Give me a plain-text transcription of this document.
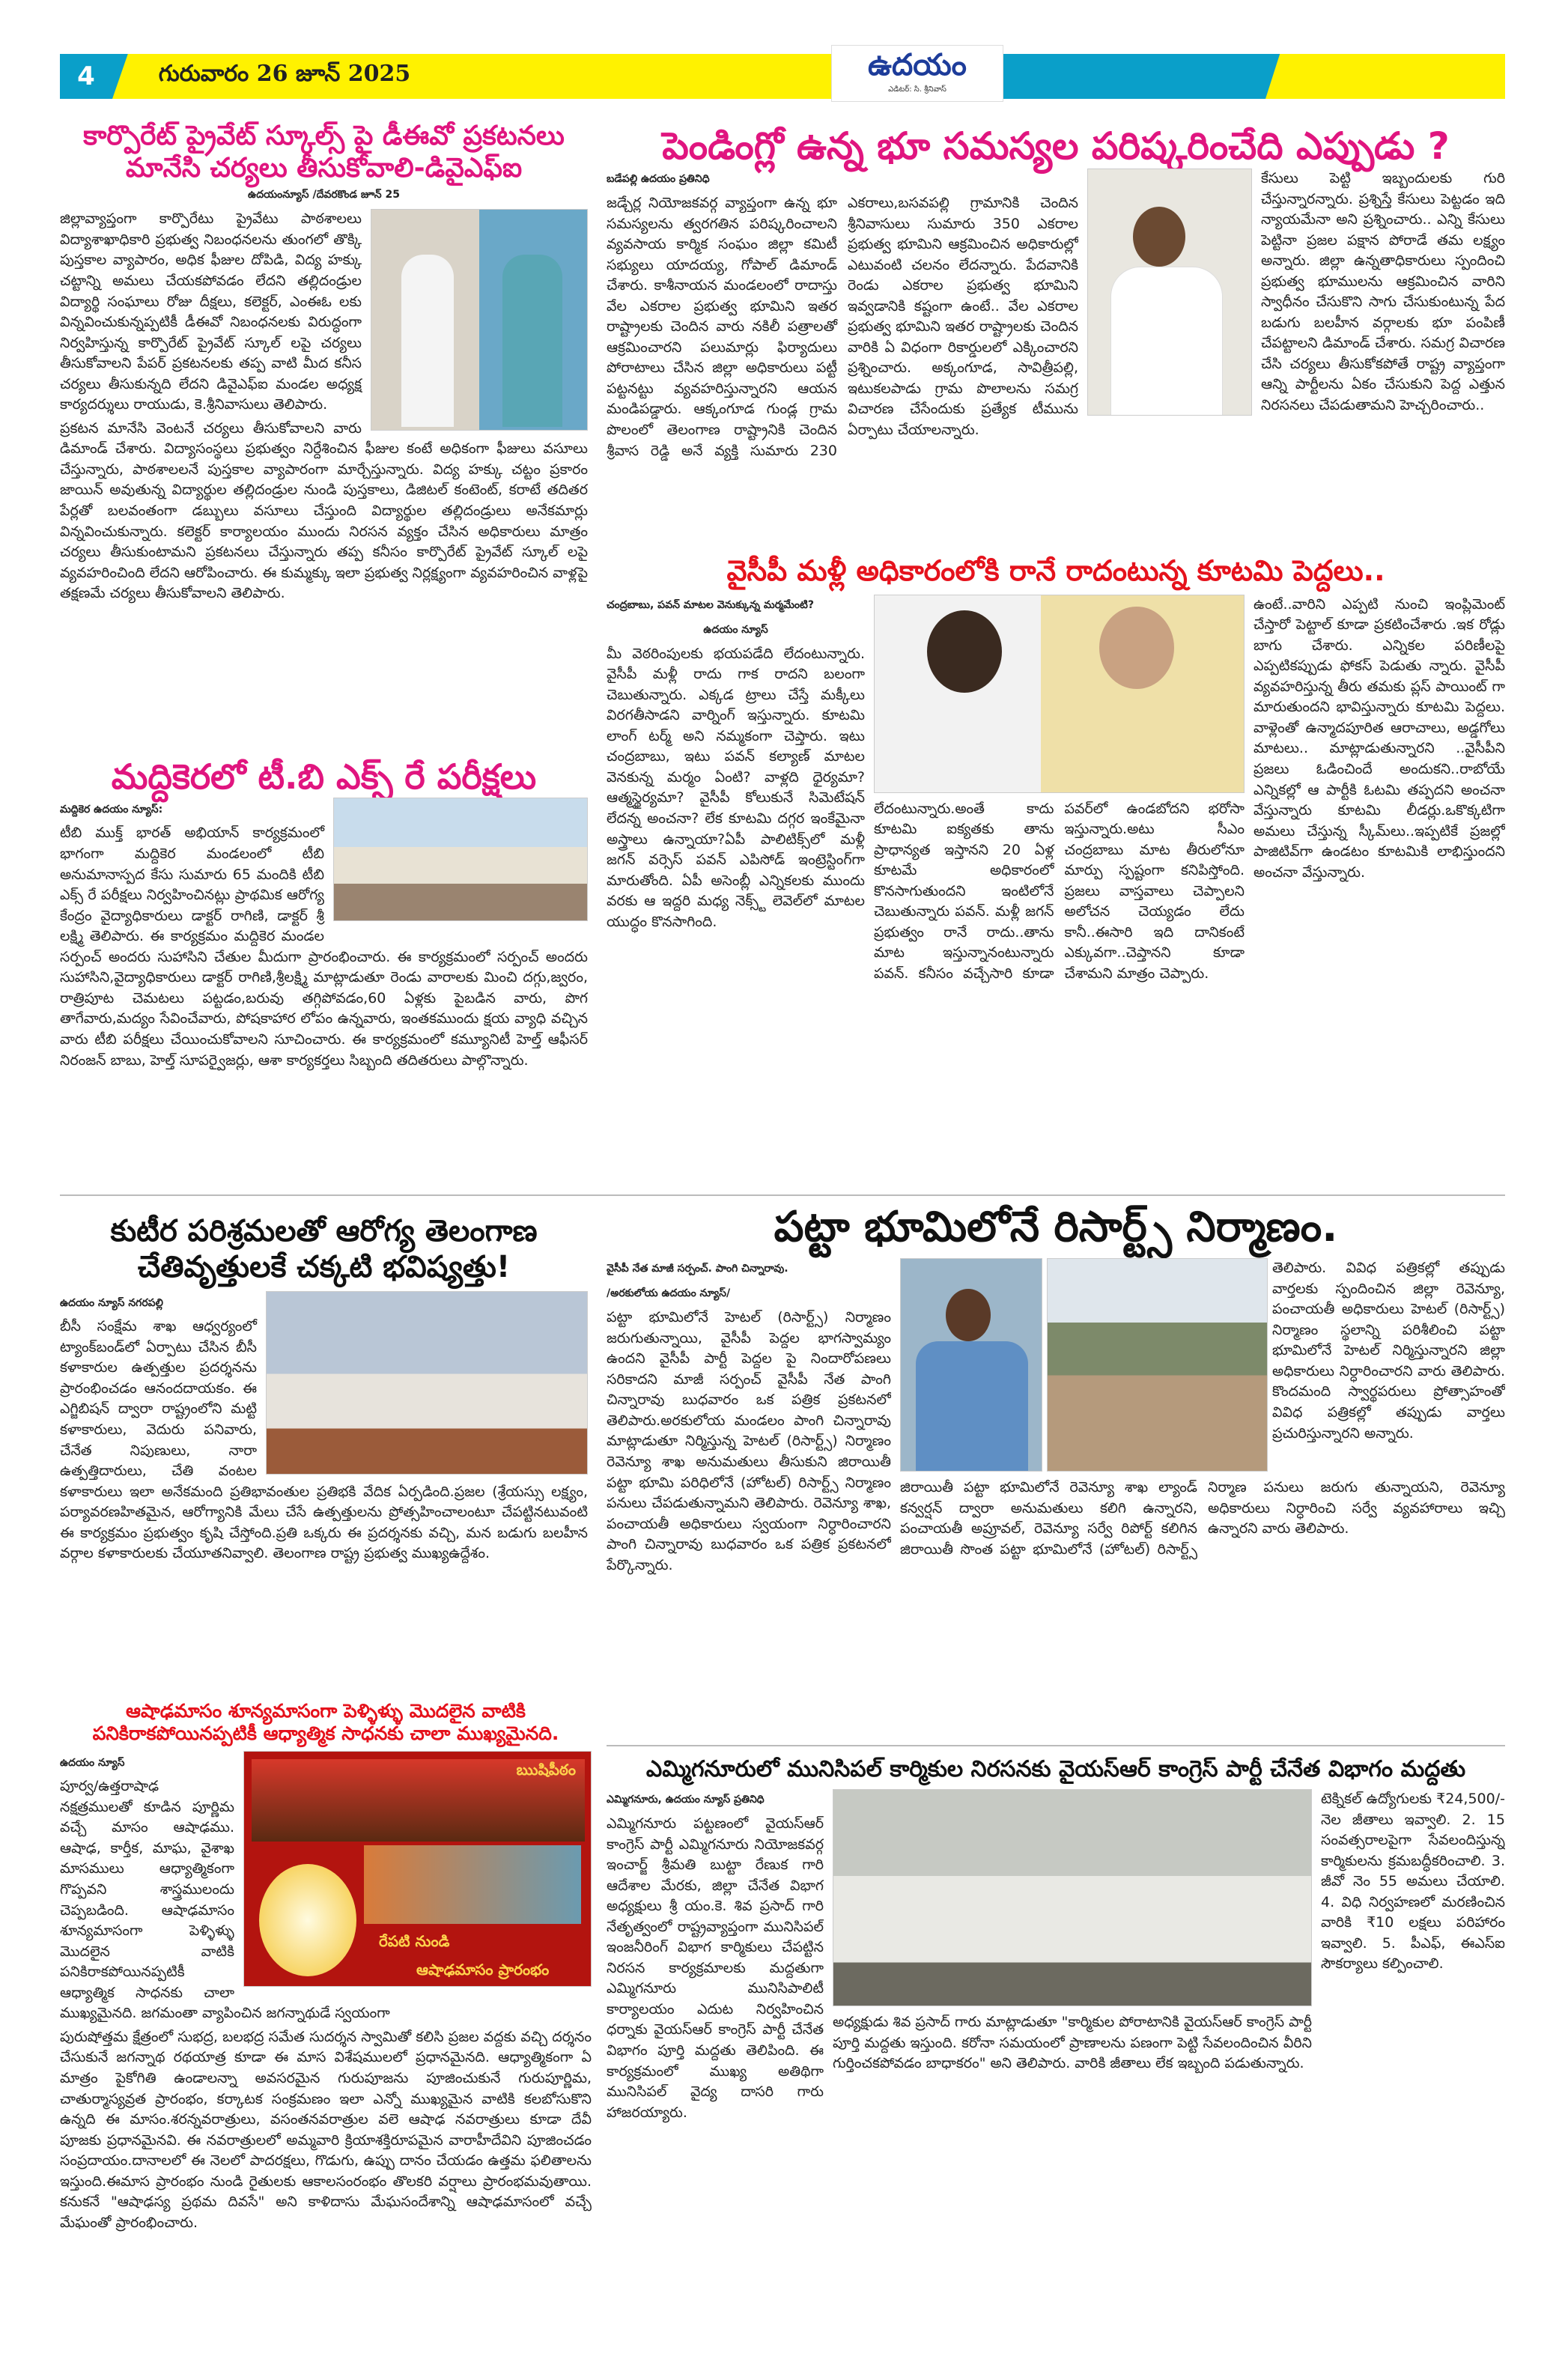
4	గురువారం 26 జూన్ 2025	ఉదయం
ఎడిటర్: సి. శ్రీనివాస్
కార్పొరేట్ ప్రైవేట్ స్కూల్స్ పై డీఈవో ప్రకటనలు మానేసి చర్యలు తీసుకోవాలి-డివైఎఫ్ఐ
ఉదయంన్యూస్ /దేవరకొండ జూన్ 25

జిల్లావ్యాప్తంగా కార్పొరేటు ప్రైవేటు పాఠశాలలు విద్యాశాఖాధికారి ప్రభుత్వ నిబంధనలను తుంగలో తొక్కి పుస్తకాల వ్యాపారం, అధిక ఫీజుల దోపిడి, విద్య హక్కు చట్టాన్ని అమలు చేయకపోవడం లేదని తల్లిదండ్రుల విద్యార్థి సంఘాలు రోజు దీక్షలు, కలెక్టర్, ఎంఈఓ లకు విన్నవించుకున్నప్పటికీ డీఈవో నిబంధనలకు విరుద్ధంగా నిర్వహిస్తున్న కార్పొరేట్ ప్రైవేట్ స్కూల్ లపై చర్యలు తీసుకోవాలని పేపర్ ప్రకటనలకు తప్ప వాటి మీద కనీస చర్యలు తీసుకున్నది లేదని డివైఎఫ్ఐ మండల అధ్యక్ష కార్యదర్శులు రాయుడు, కె.శ్రీనివాసులు తెలిపారు.

ప్రకటన మానేసి వెంటనే చర్యలు తీసుకోవాలని వారు డిమాండ్ చేశారు. విద్యాసంస్థలు ప్రభుత్వం నిర్దేశించిన ఫీజుల కంటే అధికంగా ఫీజులు వసూలు చేస్తున్నారు, పాఠశాలలనే పుస్తకాల వ్యాపారంగా మార్చేస్తున్నారు. విద్య హక్కు చట్టం ప్రకారం జాయిన్ అవుతున్న విద్యార్థుల తల్లిదండ్రుల నుండి పుస్తకాలు, డిజిటల్ కంటెంట్, కరాటే తదితర పేర్లతో బలవంతంగా డబ్బులు వసూలు చేస్తుంది విద్యార్థుల తల్లిదండ్రులు అనేకమార్లు విన్నవించుకున్నారు. కలెక్టర్ కార్యాలయం ముందు నిరసన వ్యక్తం చేసిన అధికారులు మాత్రం చర్యలు తీసుకుంటామని ప్రకటనలు చేస్తున్నారు తప్ప కనీసం కార్పొరేట్ ప్రైవేట్ స్కూల్ లపై వ్యవహరించింది లేదని ఆరోపించారు. ఈ కుమ్మక్కు ఇలా ప్రభుత్వ నిర్లక్ష్యంగా వ్యవహరించిన వాళ్లపై తక్షణమే చర్యలు తీసుకోవాలని తెలిపారు.

పెండింగ్లో ఉన్న భూ సమస్యల పరిష్కరించేది ఎప్పుడు ?
బడేపల్లి ఉదయం ప్రతినిధి

జడ్చేర్ల నియోజకవర్గ వ్యాప్తంగా ఉన్న భూ సమస్యలను త్వరగతిన పరిష్కరించాలని వ్యవసాయ కార్మిక సంఘం జిల్లా కమిటీ సభ్యులు యాదయ్య, గోపాల్ డిమాండ్ చేశారు. కాశీనాయన మండలంలో రాదాస్తు వేల ఎకరాల ప్రభుత్వ భూమిని ఇతర రాష్ట్రాలకు చెందిన వారు నకిలీ పత్రాలతో ఆక్రమించారని పలుమార్లు ఫిర్యాదులు పోరాటాలు చేసిన జిల్లా అధికారులు పట్టీ పట్టనట్టు వ్యవహరిస్తున్నారని ఆయన మండిపడ్డారు. ఆక్కంగూడ గుండ్ల గ్రామ పొలంలో తెలంగాణ రాష్ట్రానికి చెందిన శ్రీవాస రెడ్డి అనే వ్యక్తి సుమారు 230 ఎకరాలు,బసవపల్లి గ్రామానికి చెందిన శ్రీనివాసులు సుమారు 350 ఎకరాల ప్రభుత్వ భూమిని ఆక్రమించిన అధికారుల్లో ఎటువంటి చలనం లేదన్నారు. పేదవానికి రెండు ఎకరాల ప్రభుత్వ భూమిని ఇవ్వడానికి కష్టంగా ఉంటే.. వేల ఎకరాల ప్రభుత్వ భూమిని ఇతర రాష్ట్రాలకు చెందిన వారికి ఏ విధంగా రికార్డులలో ఎక్కించారని ప్రశ్నించారు. అక్కంగూడ, సావిత్రీపల్లి, ఇటుకలపాడు గ్రామ పొలాలను సమగ్ర విచారణ చేసేందుకు ప్రత్యేక టీమును ఏర్పాటు చేయాలన్నారు.

కేసులు పెట్టి ఇబ్బందులకు గురి చేస్తున్నారన్నారు. ప్రశ్నిస్తే కేసులు పెట్టడం ఇది న్యాయమేనా అని ప్రశ్నించారు.. ఎన్ని కేసులు పెట్టినా ప్రజల పక్షాన పోరాడే తమ లక్ష్యం అన్నారు. జిల్లా ఉన్నతాధికారులు స్పందించి ప్రభుత్వ భూములను ఆక్రమించిన వారిని స్వాధీనం చేసుకొని సాగు చేసుకుంటున్న పేద బడుగు బలహీన వర్గాలకు భూ పంపిణీ చేపట్టాలని డిమాండ్ చేశారు. సమగ్ర విచారణ చేసి చర్యలు తీసుకోకపోతే రాష్ట్ర వ్యాప్తంగా ఆన్ని పార్టీలను ఏకం చేసుకుని పెద్ద ఎత్తున నిరసనలు చేపడుతామని హెచ్చరించారు..

వైసీపీ మళ్లీ అధికారంలోకి రానే రాదంటున్న కూటమి పెద్దలు..
చంద్రబాబు, పవన్ మాటల వెనుక్కున్న మర్మమేంటి?
ఉదయం న్యూస్

మీ వెఠరింపులకు భయపడేది లేదంటున్నారు. వైసీపీ మళ్లీ రాదు గాక రాదని బలంగా చెబుతున్నారు. ఎక్కడ ట్రాలు చేస్తే మక్కీలు విరగతీసాడని వార్నింగ్ ఇస్తున్నారు. కూటమి లాంగ్ టర్మ్ అని నమ్మకంగా చెప్తారు. ఇటు చంద్రబాబు, ఇటు పవన్ కల్యాణ్ మాటల వెనకున్న మర్మం ఏంటి? వాళ్లది ధైర్యమా? ఆత్మస్థైర్యమా? వైసీపీ కోలుకునే సిమెటేషన్ లేదన్న అంచనా? లేక కూటమి దగ్గర ఇంకేమైనా అస్త్రాలు ఉన్నాయా?ఏపీ పాలిటిక్స్‌లో మళ్లీ జగన్ వర్సెస్ పవన్ ఎపిసోడ్ ఇంట్రెస్టింగ్‌గా మారుతోంది. ఏపీ అసెంబ్లీ ఎన్నికలకు ముందు వరకు ఆ ఇద్దరి మధ్య నెక్స్ట్ లెవెల్‌లో మాటల యుద్ధం కొనసాగింది.

లేదంటున్నారు.అంతే కాదు కూటమి ఐక్యతకు తాను ప్రాధాన్యత ఇస్తానని 20 ఏళ్ల కూటమే అధికారంలో కొనసాగుతుందని ఇంటిలోనే చెబుతున్నారు పవన్. మళ్లీ జగన్ ప్రభుత్వం రానే రాదు..తాను మాట ఇస్తున్నానంటున్నారు పవన్. కనీసం వచ్చేసారి కూడా పవర్‌లో ఉండబోదని భరోసా ఇస్తున్నారు.అటు సీఎం చంద్రబాబు మాట తీరులోనూ మార్పు స్పష్టంగా కనిపిస్తోంది. ప్రజలు వాస్తవాలు చెప్పాలని అలోచన చెయ్యడం లేదు కానీ..ఈసారి ఇది దానికంటే ఎక్కువగా..చెప్తానని కూడా చేశామని మాత్రం చెప్పారు.

ఉంటే..వారిని ఎప్పటి నుంచి ఇంప్లిమెంట్ చేస్తారో పెట్టాల్ కూడా ప్రకటించేశారు .ఇక రోడ్లు బాగు చేశారు. ఎన్నికల పరిణీలపై ఎప్పటికప్పుడు ఫోకస్ పెడుతు న్నారు. వైసీపీ వ్యవహరిస్తున్న తీరు తమకు ప్లస్ పాయింట్ గా మారుతుందని భావిస్తున్నారు కూటమి పెద్దలు. వాళ్లెంతో ఉన్మాదపూరిత ఆరాచాలు, అడ్డగోలు మాటలు.. మాట్లాడుతున్నారని ..వైసీపీని ప్రజలు ఓడించిందే అందుకని..రాబోయే ఎన్నికల్లో ఆ పార్టీకి ఓటమి తప్పదని అంచనా వేస్తున్నారు కూటమి లీడర్లు.ఒకొక్కటిగా అమలు చేస్తున్న స్కీమ్‌లు..ఇప్పటికే ప్రజల్లో పాజిటివ్‌గా ఉండటం కూటమికి లాభిస్తుందని అంచనా వేస్తున్నారు.

మద్దికెరలో టీ.బి ఎక్స్ రే పరీక్షలు
మద్దికెర ఉదయం న్యూస్:

టీబి ముక్త్ భారత్ అభియాన్ కార్యక్రమంలో భాగంగా మద్దికెర మండలంలో టీబి అనుమానాస్పద కేసు సుమారు 65 మందికి టీబి ఎక్స్ రే పరీక్షలు నిర్వహించినట్లు ప్రాథమిక ఆరోగ్య కేంద్రం వైద్యాధికారులు డాక్టర్ రాగిణి, డాక్టర్ శ్రీ లక్ష్మి తెలిపారు. ఈ కార్యక్రమం మద్దికెర మండల సర్పంచ్ అందరు సుహాసిని చేతుల మీదుగా ప్రారంభించారు. ఈ కార్యక్రమంలో సర్పంచ్ అందరు సుహాసిని,వైద్యాధికారులు డాక్టర్ రాగిణి,శ్రీలక్ష్మి మాట్లాడుతూ రెండు వారాలకు మించి దగ్గు,జ్వరం, రాత్రిపూట చెమటలు పట్టడం,బరువు తగ్గిపోవడం,60 ఏళ్లకు పైబడిన వారు, పొగ తాగేవారు,మద్యం సేవించేవారు, పోషకాహార లోపం ఉన్నవారు, ఇంతకముందు క్షయ వ్యాధి వచ్చిన వారు టీబి పరీక్షలు చేయించుకోవాలని సూచించారు. ఈ కార్యక్రమంలో కమ్యూనిటీ హెల్త్ ఆఫీసర్ నిరంజన్ బాబు, హెల్త్ సూపర్వైజర్లు, ఆశా కార్యకర్తలు సిబ్బంది తదితరులు పాల్గొన్నారు.

కుటీర పరిశ్రమలతో ఆరోగ్య తెలంగాణ
చేతివృత్తులకే చక్కటి భవిష్యత్తు!
ఉదయం న్యూస్ నగరపల్లి

బీసీ సంక్షేమ శాఖ ఆధ్వర్యంలో ట్యాంక్‌బండ్‌లో ఏర్పాటు చేసిన బీసీ కళాకారుల ఉత్పత్తుల ప్రదర్శనను ప్రారంభించడం ఆనందదాయకం. ఈ ఎగ్జిబిషన్ ద్వారా రాష్ట్రంలోని మట్టి కళాకారులు, వెదురు పనివారు, చేనేత నిపుణులు, నారా ఉత్పత్తిదారులు, చేతి వంటల కళాకారులు ఇలా అనేకమంది ప్రతిభావంతుల ప్రతిభకి వేదిక ఏర్పడింది.ప్రజల (శ్రేయస్సు లక్ష్యం, పర్యావరణహితమైన, ఆరోగ్యానికి మేలు చేసే ఉత్పత్తులను ప్రోత్సహించాలంటూ చేపట్టినటువంటి ఈ కార్యక్రమం ప్రభుత్వం కృషి చేస్తోంది.ప్రతి ఒక్కరు ఈ ప్రదర్శనకు వచ్చి, మన బడుగు బలహీన వర్గాల కళాకారులకు చేయూతనివ్వాలి. తెలంగాణ రాష్ట్ర ప్రభుత్వ ముఖ్యఉద్దేశం.

ఆషాఢమాసం శూన్యమాసంగా పెళ్ళిళ్ళు మొదలైన వాటికి
పనికిరాకపోయినప్పటికీ ఆధ్యాత్మిక సాధనకు చాలా ముఖ్యమైనది.
ఋషిపీఠం
రేపటి నుండి
ఆషాఢమాసం ప్రారంభం
ఉదయం న్యూస్

పూర్వ/ఉత్తరాషాఢ నక్షత్రములతో కూడిన పూర్ణిమ వచ్చే మాసం ఆషాఢము. ఆషాఢ, కార్తీక, మాఘ, వైశాఖ మాసములు ఆధ్యాత్మికంగా గొప్పవని శాస్త్రములందు చెప్పబడింది. ఆషాఢమాసం శూన్యమాసంగా పెళ్ళిళ్ళు మొదలైన వాటికి పనికిరాకపోయినప్పటికీ ఆధ్యాత్మిక సాధనకు చాలా ముఖ్యమైనది. జగమంతా వ్యాపించిన జగన్నాథుడే స్వయంగా

పురుషోత్తమ క్షేత్రంలో సుభద్ర, బలభద్ర సమేత సుదర్శన స్వామితో కలిసి ప్రజల వద్దకు వచ్చి దర్శనం చేసుకునే జగన్నాథ రథయాత్ర కూడా ఈ మాస విశేషములలో ప్రధానమైనది. ఆధ్యాత్మికంగా ఏ మాత్రం పైకోగితి ఉండాలన్నా అవసరమైన గురుపూజను పూజించుకునే గురుపూర్ణిమ, చాతుర్మాస్యవ్రత ప్రారంభం, కర్కాటక సంక్రమణం ఇలా ఎన్నో ముఖ్యమైన వాటికి కలబోసుకొని ఉన్నది ఈ మాసం.శరన్నవరాత్రులు, వసంతనవరాత్రుల వలె ఆషాఢ నవరాత్రులు కూడా దేవీ పూజకు ప్రధానమైనవి. ఈ నవరాత్రులలో అమ్మవారి క్రియాశక్తిరూపమైన వారాహీదేవిని పూజించడం సంప్రదాయం.దానాలలో ఈ నెలలో పాదరక్షలు, గొడుగు, ఉప్పు దానం చేయడం ఉత్తమ ఫలితాలను ఇస్తుంది.ఈమాస ప్రారంభం నుండి రైతులకు ఆకాలసంరంభం తొలకరి వర్షాలు ప్రారంభమవుతాయి. కనుకనే "ఆషాఢస్య ప్రథమ దివసే" అని కాళిదాసు మేఘసందేశాన్ని ఆషాఢమాసంలో వచ్చే మేఘంతో ప్రారంభించారు.

పట్టా భూమిలోనే రిసార్ట్స్ నిర్మాణం.
వైసీపీ నేత మాజీ సర్పంచ్. పాంగి చిన్నారావు.
/అరకులోయ ఉదయం న్యూస్/

పట్టా భూమిలోనే హెటల్ (రిసార్ట్స్) నిర్మాణం జరుగుతున్నాయి, వైసీపీ పెద్దల భాగస్వామ్యం ఉందని వైసీపీ పార్టీ పెద్దల పై నిందారోపణలు సరికాదని మాజీ సర్పంచ్ వైసీపీ నేత పాంగి చిన్నారావు బుధవారం ఒక పత్రిక ప్రకటనలో తెలిపారు.అరకులోయ మండలం పాంగి చిన్నారావు మాట్లాడుతూ నిర్మిస్తున్న హెటల్ (రిసార్ట్స్) నిర్మాణం రెవెన్యూ శాఖ అనుమతులు తీసుకుని జిరాయితీ పట్టా భూమి పరిధిలోనే (హోటల్) రిసార్ట్స్ నిర్మాణం పనులు చేపడుతున్నామని తెలిపారు. రెవెన్యూ శాఖ, పంచాయతీ అధికారులు స్వయంగా నిర్ధారించారని పాంగి చిన్నారావు బుధవారం ఒక పత్రిక ప్రకటనలో పేర్కొన్నారు.

తెలిపారు. వివిధ పత్రికల్లో తప్పుడు వార్తలకు స్పందించిన జిల్లా రెవెన్యూ, పంచాయతీ అధికారులు హెటల్ (రిసార్ట్స్) నిర్మాణం స్థలాన్ని పరిశీలించి పట్టా భూమిలోనే హెటల్ నిర్మిస్తున్నారని జిల్లా అధికారులు నిర్ధారించారని వారు తెలిపారు. కొందమంది స్వార్థపరులు ప్రోత్సాహంతో వివిధ పత్రికల్లో తప్పుడు వార్తలు ప్రచురిస్తున్నారని అన్నారు.

జిరాయితీ పట్టా భూమిలోనే రెవెన్యూ శాఖ ల్యాండ్ కన్వర్షన్ ద్వారా అనుమతులు కలిగి ఉన్నారని, పంచాయతీ అప్రూవల్, రెవెన్యూ సర్వే రిపోర్ట్ కలిగిన జిరాయితీ సొంత పట్టా భూమిలోనే (హోటల్) రిసార్ట్స్ నిర్మాణ పనులు జరుగు తున్నాయని, రెవెన్యూ అధికారులు నిర్ధారించి సర్వే వ్యవహారాలు ఇచ్చి ఉన్నారని వారు తెలిపారు.

ఎమ్మిగనూరులో మునిసిపల్ కార్మికుల నిరసనకు వైయస్ఆర్ కాంగ్రెస్ పార్టీ చేనేత విభాగం మద్దతు
ఎమ్మిగనూరు, ఉదయం న్యూస్ ప్రతినిధి

ఎమ్మిగనూరు పట్టణంలో వైయస్ఆర్ కాంగ్రెస్ పార్టీ ఎమ్మిగనూరు నియోజకవర్గ ఇంచార్జ్ శ్రీమతి బుట్టా రేణుక గారి ఆదేశాల మేరకు, జిల్లా చేనేత విభాగ అధ్యక్షులు శ్రీ యం.కె. శివ ప్రసాద్ గారి నేతృత్వంలో రాష్ట్రవ్యాప్తంగా మునిసిపల్ ఇంజనీరింగ్ విభాగ కార్మికులు చేపట్టిన నిరసన కార్యక్రమాలకు మద్దతుగా ఎమ్మిగనూరు మునిసిపాలిటీ కార్యాలయం ఎదుట నిర్వహించిన ధర్నాకు వైయస్ఆర్ కాంగ్రెస్ పార్టీ చేనేత విభాగం పూర్తి మద్దతు తెలిపింది. ఈ కార్యక్రమంలో ముఖ్య అతిథిగా మునిసిపల్ వైద్య దాసరి గారు హాజరయ్యారు.

అధ్యక్షుడు శివ ప్రసాద్ గారు మాట్లాడుతూ "కార్మికుల పోరాటానికి వైయస్ఆర్ కాంగ్రెస్ పార్టీ పూర్తి మద్దతు ఇస్తుంది. కరోనా సమయంలో ప్రాణాలను పణంగా పెట్టి సేవలందించిన వీరిని గుర్తించకపోవడం బాధాకరం" అని తెలిపారు. వారికి జీతాలు లేక ఇబ్బంది పడుతున్నారు.

టెక్నికల్ ఉద్యోగులకు ₹24,500/- నెల జీతాలు ఇవ్వాలి. 2. 15 సంవత్సరాలపైగా సేవలందిస్తున్న కార్మికులను క్రమబద్ధీకరించాలి. 3. జీవో నెం 55 అమలు చేయాలి. 4. విధి నిర్వహణలో మరణించిన వారికి ₹10 లక్షలు పరిహారం ఇవ్వాలి. 5. పీఎఫ్, ఈఎస్ఐ సౌకర్యాలు కల్పించాలి.
